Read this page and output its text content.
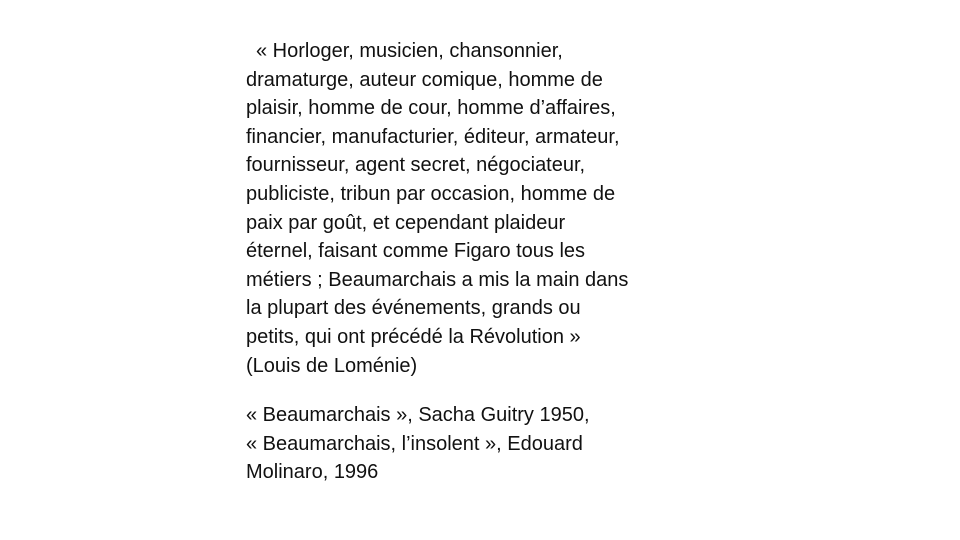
« Horloger, musicien, chansonnier,
dramaturge, auteur comique, homme de
plaisir, homme de cour, homme d’affaires,
financier, manufacturier, éditeur, armateur,
fournisseur, agent secret, négociateur,
publiciste, tribun par occasion, homme de
paix par goût, et cependant plaideur
éternel, faisant comme Figaro tous les
métiers ; Beaumarchais a mis la main dans
la plupart des événements, grands ou
petits, qui ont précédé la Révolution »
(Louis de Loménie)
« Beaumarchais », Sacha Guitry 1950,
« Beaumarchais, l’insolent », Edouard
Molinaro, 1996
